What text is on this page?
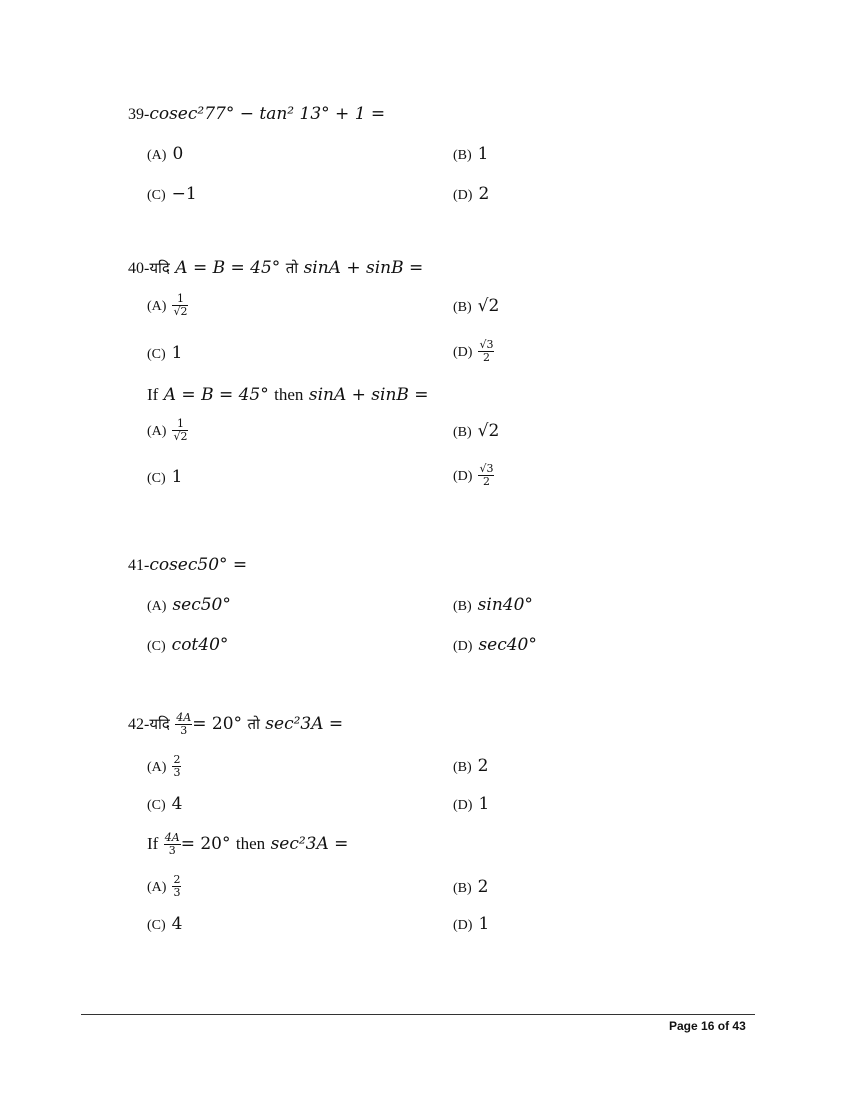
39-cosec²77° − tan² 13° + 1 =
(A) 0	(B) 1
(C) −1	(D) 2
40-यदि A = B = 45° तो sinA + sinB =
$(A) \frac{1}{√2}$	(B) √2
(C) 1	$(D) \frac{√3}{2}$
If A = B = 45° then sinA + sinB =
$(A) \frac{1}{√2}$	(B) √2
(C) 1	$(D) \frac{√3}{2}$
41-cosec50° =
(A) sec50°	(B) sin40°
(C) cot40°	(D) sec40°
42-यदि $\frac{4A}{3} = 20^\circ$ तो sec²3A =
$(A) \frac{2}{3}$	(B) 2
(C) 4	(D) 1
If $\frac{4A}{3} = 20^\circ$ then sec²3A =
$(A) \frac{2}{3}$	(B) 2
(C) 4	(D) 1
Page 16 of 43
